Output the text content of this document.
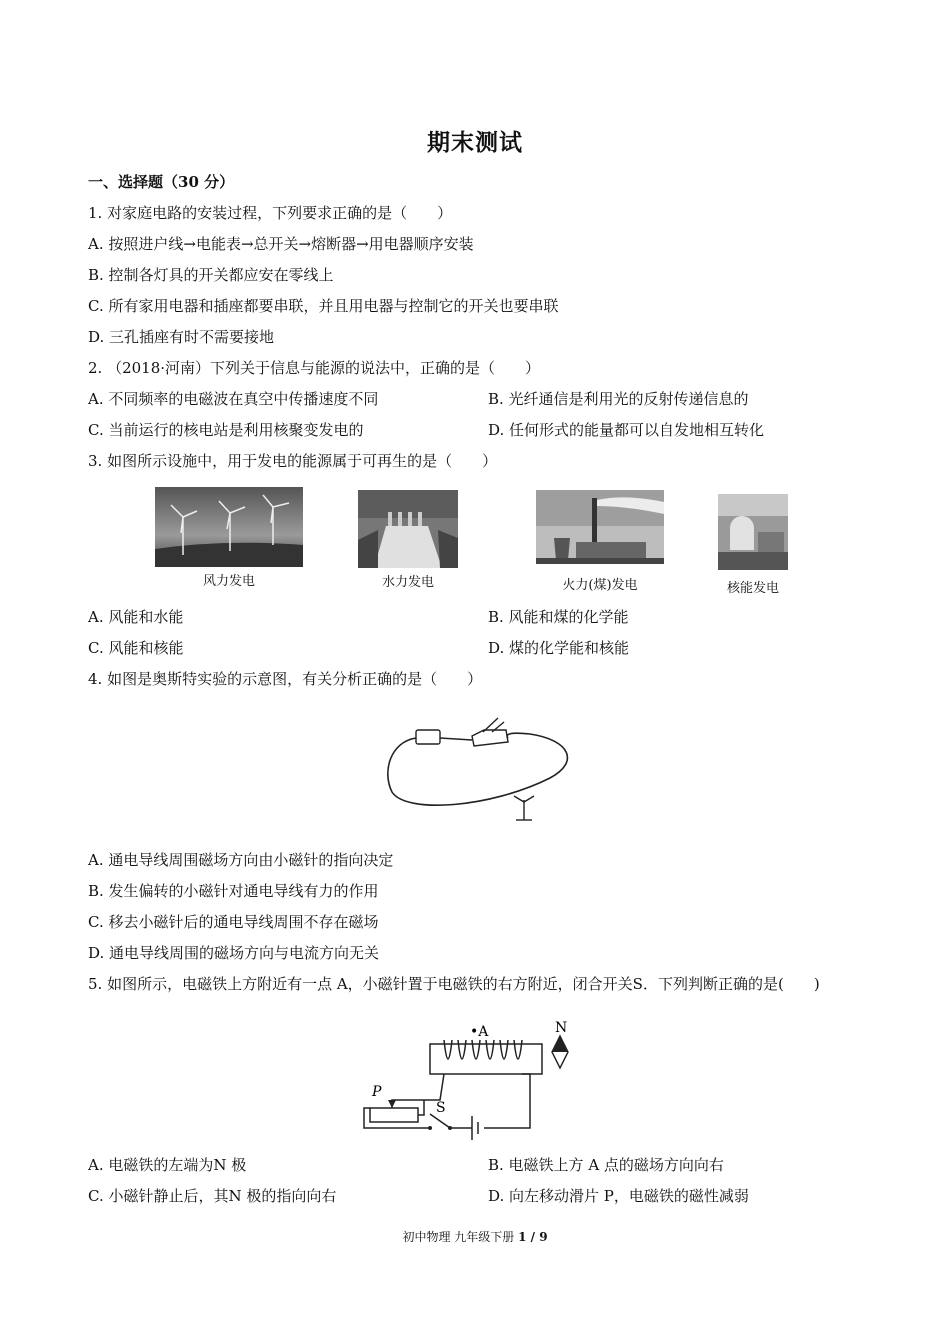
期末测试
一、选择题（30 分）
1. 对家庭电路的安装过程，下列要求正确的是（　　）
A. 按照进户线→电能表→总开关→熔断器→用电器顺序安装
B. 控制各灯具的开关都应安在零线上
C. 所有家用电器和插座都要串联，并且用电器与控制它的开关也要串联
D. 三孔插座有时不需要接地
2. （2018·河南）下列关于信息与能源的说法中，正确的是（　　）
A. 不同频率的电磁波在真空中传播速度不同	B. 光纤通信是利用光的反射传递信息的
C. 当前运行的核电站是利用核聚变发电的	D. 任何形式的能量都可以自发地相互转化
3. 如图所示设施中，用于发电的能源属于可再生的是（　　）
风力发电	水力发电	火力(煤)发电	核能发电
A. 风能和水能	B. 风能和煤的化学能
C. 风能和核能	D. 煤的化学能和核能
4. 如图是奥斯特实验的示意图，有关分析正确的是（　　）
A. 通电导线周围磁场方向由小磁针的指向决定
B. 发生偏转的小磁针对通电导线有力的作用
C. 移去小磁针后的通电导线周围不存在磁场
D. 通电导线周围的磁场方向与电流方向无关
5. 如图所示，电磁铁上方附近有一点 A，小磁针置于电磁铁的右方附近，闭合开关S．下列判断正确的是(　　)
•A	N
P
S
A. 电磁铁的左端为N 极	B. 电磁铁上方 A 点的磁场方向向右
C. 小磁针静止后，其N 极的指向向右	D. 向左移动滑片 P，电磁铁的磁性减弱
初中物理 九年级下册 1 / 9
